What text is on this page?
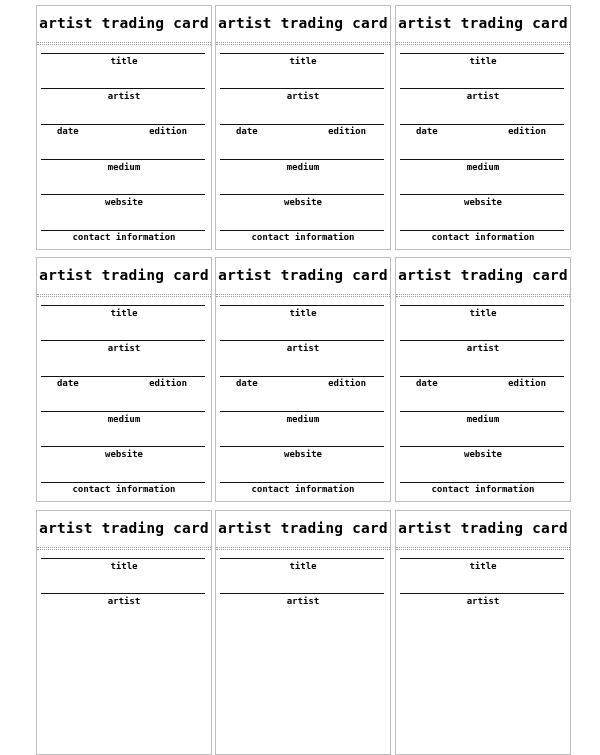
artist trading card
title
artist
date	edition
medium
website
contact information
artist trading card
title
artist
date	edition
medium
website
contact information
artist trading card
title
artist
date	edition
medium
website
contact information
artist trading card
title
artist
date	edition
medium
website
contact information
artist trading card
title
artist
date	edition
medium
website
contact information
artist trading card
title
artist
date	edition
medium
website
contact information
artist trading card
title
artist
artist trading card
title
artist
artist trading card
title
artist
